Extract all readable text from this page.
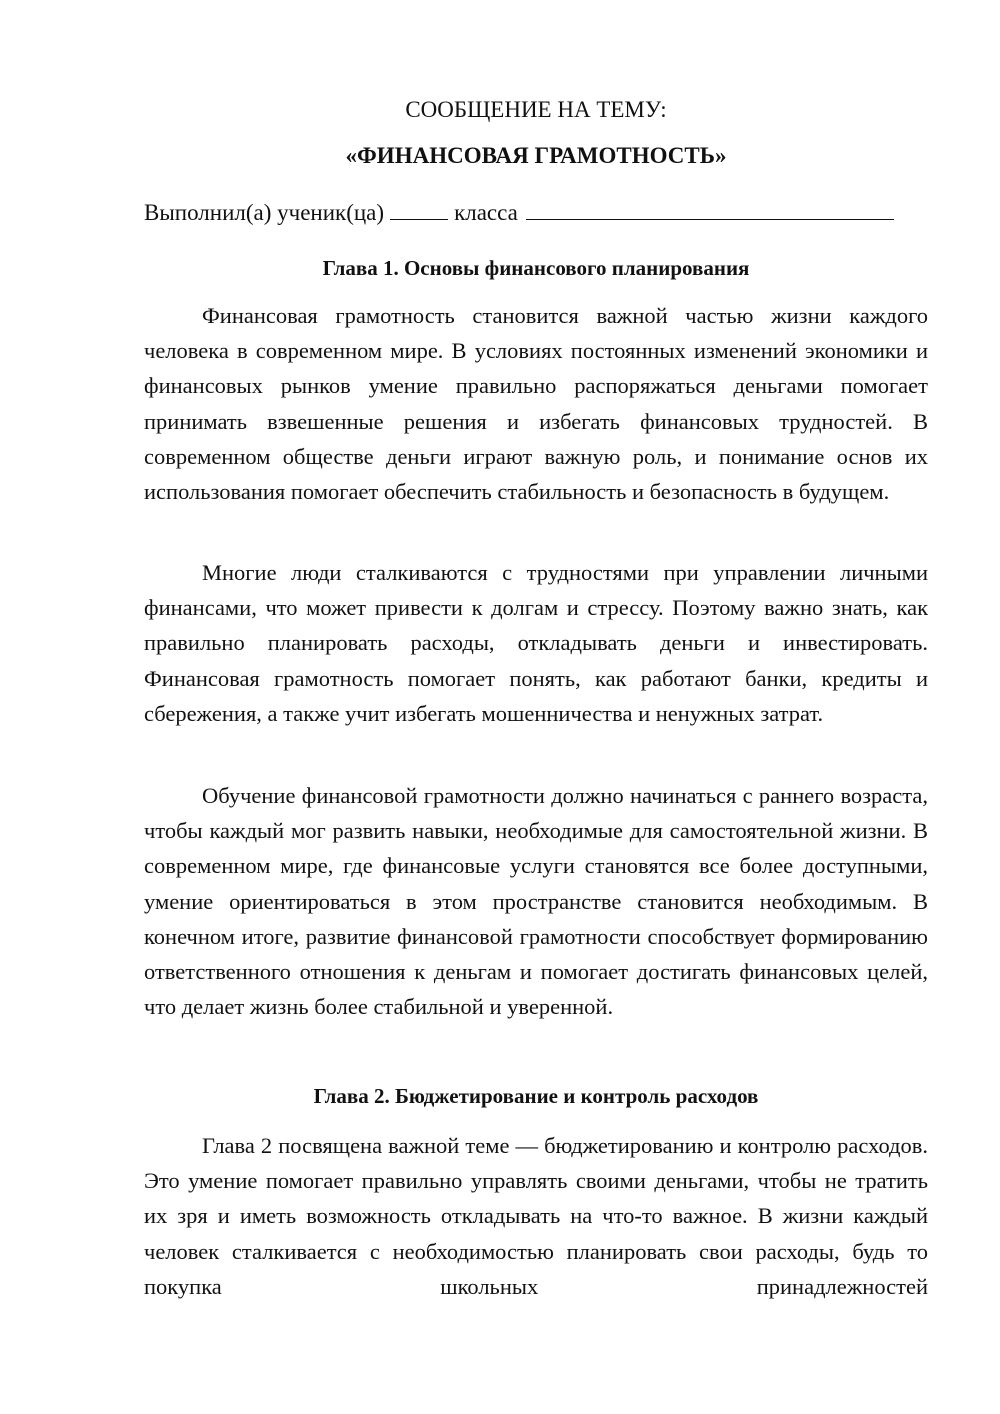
СООБЩЕНИЕ НА ТЕМУ:
«ФИНАНСОВАЯ ГРАМОТНОСТЬ»
Выполнил(а) ученик(ца)	класса
Глава 1. Основы финансового планирования

Финансовая грамотность становится важной частью жизни каждого человека в современном мире. В условиях постоянных изменений экономики и финансовых рынков умение правильно распоряжаться деньгами помогает принимать взвешенные решения и избегать финансовых трудностей. В современном обществе деньги играют важную роль, и понимание основ их использования помогает обеспечить стабильность и безопасность в будущем.

Многие люди сталкиваются с трудностями при управлении личными финансами, что может привести к долгам и стрессу. Поэтому важно знать, как правильно планировать расходы, откладывать деньги и инвестировать. Финансовая грамотность помогает понять, как работают банки, кредиты и сбережения, а также учит избегать мошенничества и ненужных затрат.

Обучение финансовой грамотности должно начинаться с раннего возраста, чтобы каждый мог развить навыки, необходимые для самостоятельной жизни. В современном мире, где финансовые услуги становятся все более доступными, умение ориентироваться в этом пространстве становится необходимым. В конечном итоге, развитие финансовой грамотности способствует формированию ответственного отношения к деньгам и помогает достигать финансовых целей, что делает жизнь более стабильной и уверенной.

Глава 2. Бюджетирование и контроль расходов

Глава 2 посвящена важной теме — бюджетированию и контролю расходов. Это умение помогает правильно управлять своими деньгами, чтобы не тратить их зря и иметь возможность откладывать на что-то важное. В жизни каждый человек сталкивается с необходимостью планировать свои расходы, будь то покупка школьных принадлежностей
